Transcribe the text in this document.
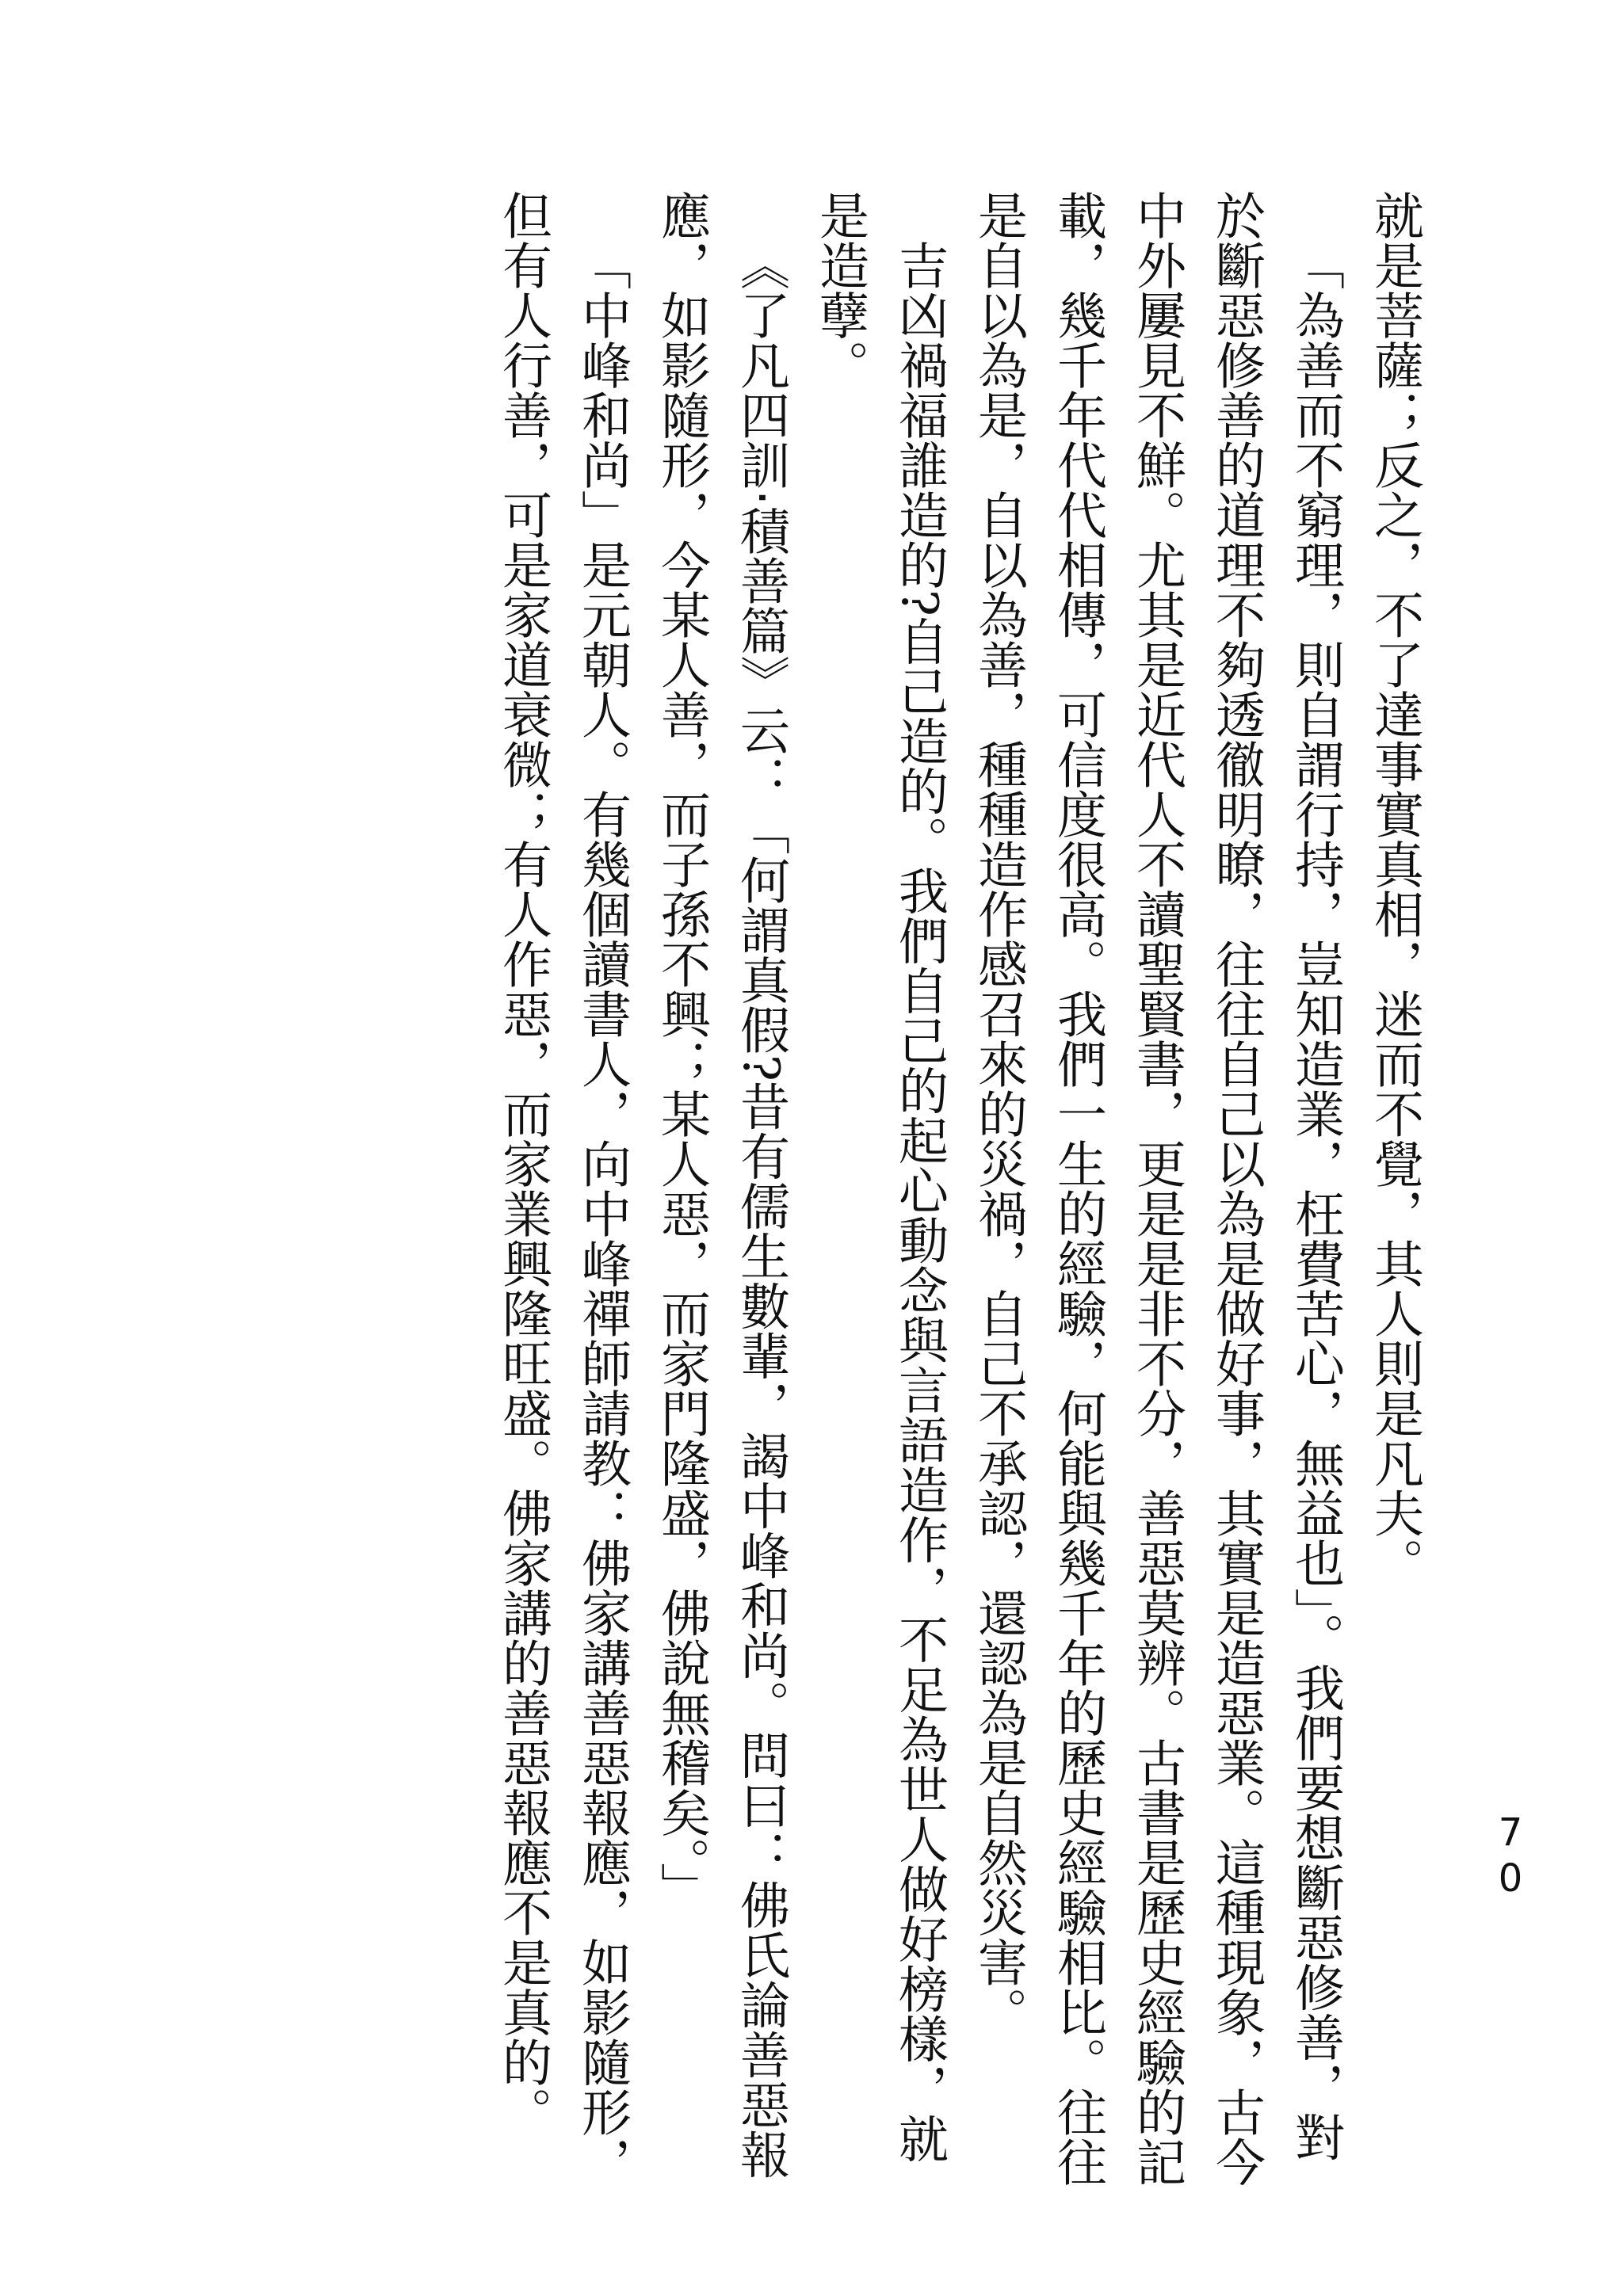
70

就是菩薩；反之，不了達事實真相，迷而不覺，其人則是凡夫。

「為善而不窮理，則自謂行持，豈知造業，枉費苦心，無益也」。我們要想斷惡修善，對於斷惡修善的道理不夠透徹明瞭，往往自己以為是做好事，其實是造惡業。這種現象，古今中外屢見不鮮。尤其是近代人不讀聖賢書，更是是非不分，善惡莫辨。古書是歷史經驗的記載，幾千年代代相傳，可信度很高。我們一生的經驗，何能與幾千年的歷史經驗相比。往往是自以為是，自以為善，種種造作感召來的災禍，自己不承認，還認為是自然災害。

吉凶禍福誰造的?自己造的。我們自己的起心動念與言語造作，不足為世人做好榜樣，就是造孽。

《了凡四訓‧積善篇》云：「何謂真假?昔有儒生數輩，謁中峰和尚。問曰：佛氏論善惡報應，如影隨形，今某人善，而子孫不興；某人惡，而家門隆盛，佛說無稽矣。」

「中峰和尚」是元朝人。有幾個讀書人，向中峰禪師請教：佛家講善惡報應，如影隨形，但有人行善，可是家道衰微；有人作惡，而家業興隆旺盛。佛家講的善惡報應不是真的。
